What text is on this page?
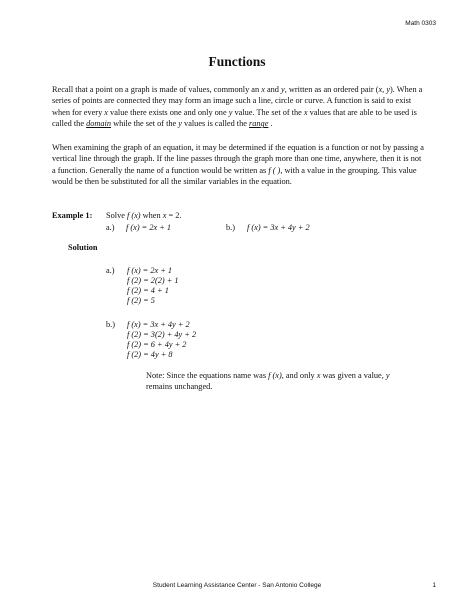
Math 0303
Functions
Recall that a point on a graph is made of values, commonly an x and y, written as an ordered pair (x, y). When a series of points are connected they may form an image such a line, circle or curve. A function is said to exist when for every x value there exists one and only one y value. The set of the x values that are able to be used is called the domain while the set of the y values is called the range .
When examining the graph of an equation, it may be determined if the equation is a function or not by passing a vertical line through the graph. If the line passes through the graph more than one time, anywhere, then it is not a function. Generally the name of a function would be written as f ( ), with a value in the grouping. This value would be then be substituted for all the similar variables in the equation.
Example 1: Solve f (x) when x = 2.
a.) f (x) = 2x + 1	b.) f (x) = 3x + 4y + 2
Solution
a.) f (x) = 2x + 1
f (2) = 2(2) + 1
f (2) = 4 + 1
f (2) = 5
b.) f (x) = 3x + 4y + 2
f (2) = 3(2) + 4y + 2
f (2) = 6 + 4y + 2
f (2) = 4y + 8
Note: Since the equations name was f (x), and only x was given a value, y remains unchanged.
Student Learning Assistance Center - San Antonio College	1
